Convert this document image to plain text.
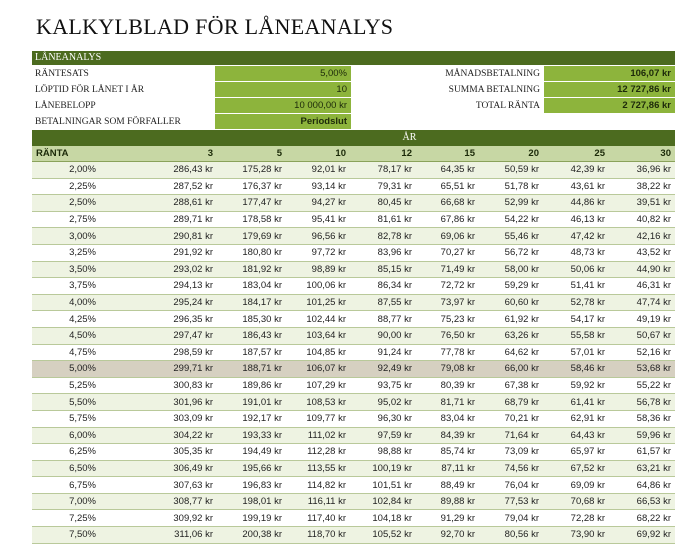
KALKYLBLAD FÖR LÅNEANALYS
LÅNEANALYS
RÄNTESATS	5,00%	MÅNADSBETALNING	106,07 kr
LÖPTID FÖR LÅNET I ÅR	10	SUMMA BETALNING	12 727,86 kr
LÅNEBELOPP	10 000,00 kr	TOTAL RÄNTA	2 727,86 kr
BETALNINGAR SOM FÖRFALLER	Periodslut
ÅR
RÄNTA	3	5	10	12	15	20	25	30
2,00%	286,43 kr	175,28 kr	92,01 kr	78,17 kr	64,35 kr	50,59 kr	42,39 kr	36,96 kr
2,25%	287,52 kr	176,37 kr	93,14 kr	79,31 kr	65,51 kr	51,78 kr	43,61 kr	38,22 kr
2,50%	288,61 kr	177,47 kr	94,27 kr	80,45 kr	66,68 kr	52,99 kr	44,86 kr	39,51 kr
2,75%	289,71 kr	178,58 kr	95,41 kr	81,61 kr	67,86 kr	54,22 kr	46,13 kr	40,82 kr
3,00%	290,81 kr	179,69 kr	96,56 kr	82,78 kr	69,06 kr	55,46 kr	47,42 kr	42,16 kr
3,25%	291,92 kr	180,80 kr	97,72 kr	83,96 kr	70,27 kr	56,72 kr	48,73 kr	43,52 kr
3,50%	293,02 kr	181,92 kr	98,89 kr	85,15 kr	71,49 kr	58,00 kr	50,06 kr	44,90 kr
3,75%	294,13 kr	183,04 kr	100,06 kr	86,34 kr	72,72 kr	59,29 kr	51,41 kr	46,31 kr
4,00%	295,24 kr	184,17 kr	101,25 kr	87,55 kr	73,97 kr	60,60 kr	52,78 kr	47,74 kr
4,25%	296,35 kr	185,30 kr	102,44 kr	88,77 kr	75,23 kr	61,92 kr	54,17 kr	49,19 kr
4,50%	297,47 kr	186,43 kr	103,64 kr	90,00 kr	76,50 kr	63,26 kr	55,58 kr	50,67 kr
4,75%	298,59 kr	187,57 kr	104,85 kr	91,24 kr	77,78 kr	64,62 kr	57,01 kr	52,16 kr
5,00%	299,71 kr	188,71 kr	106,07 kr	92,49 kr	79,08 kr	66,00 kr	58,46 kr	53,68 kr
5,25%	300,83 kr	189,86 kr	107,29 kr	93,75 kr	80,39 kr	67,38 kr	59,92 kr	55,22 kr
5,50%	301,96 kr	191,01 kr	108,53 kr	95,02 kr	81,71 kr	68,79 kr	61,41 kr	56,78 kr
5,75%	303,09 kr	192,17 kr	109,77 kr	96,30 kr	83,04 kr	70,21 kr	62,91 kr	58,36 kr
6,00%	304,22 kr	193,33 kr	111,02 kr	97,59 kr	84,39 kr	71,64 kr	64,43 kr	59,96 kr
6,25%	305,35 kr	194,49 kr	112,28 kr	98,88 kr	85,74 kr	73,09 kr	65,97 kr	61,57 kr
6,50%	306,49 kr	195,66 kr	113,55 kr	100,19 kr	87,11 kr	74,56 kr	67,52 kr	63,21 kr
6,75%	307,63 kr	196,83 kr	114,82 kr	101,51 kr	88,49 kr	76,04 kr	69,09 kr	64,86 kr
7,00%	308,77 kr	198,01 kr	116,11 kr	102,84 kr	89,88 kr	77,53 kr	70,68 kr	66,53 kr
7,25%	309,92 kr	199,19 kr	117,40 kr	104,18 kr	91,29 kr	79,04 kr	72,28 kr	68,22 kr
7,50%	311,06 kr	200,38 kr	118,70 kr	105,52 kr	92,70 kr	80,56 kr	73,90 kr	69,92 kr
